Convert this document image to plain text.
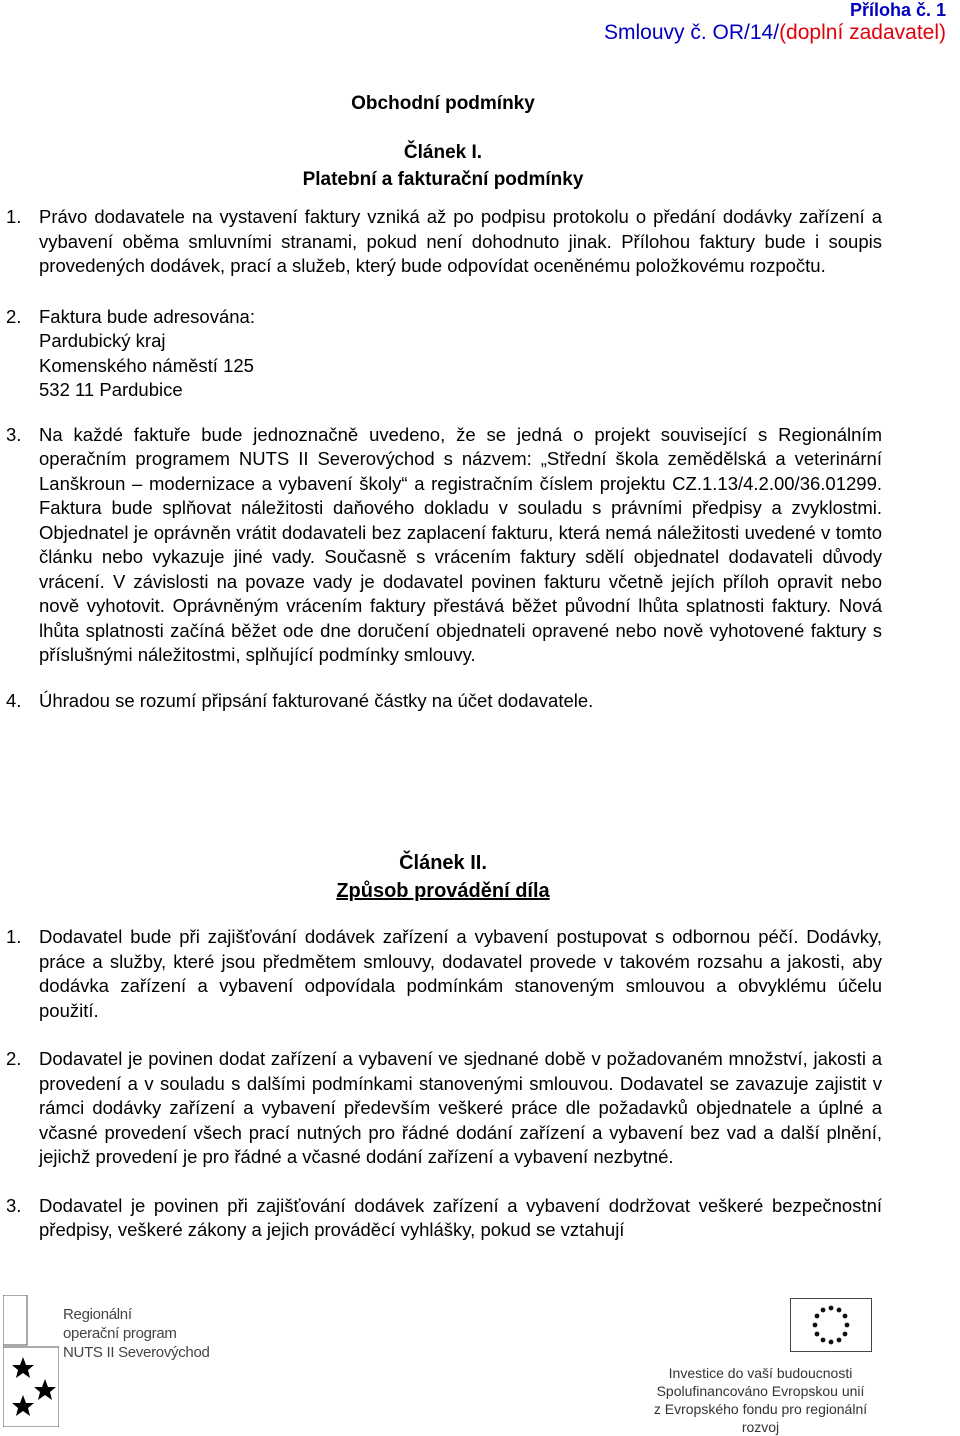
Příloha č. 1
Smlouvy č. OR/14/(doplní zadavatel)
Obchodní podmínky
Článek I.
Platební a fakturační podmínky
1. Právo dodavatele na vystavení faktury vzniká až po podpisu protokolu o předání dodávky zařízení a vybavení oběma smluvními stranami, pokud není dohodnuto jinak. Přílohou faktury bude i soupis provedených dodávek, prací a služeb, který bude odpovídat oceněnému položkovému rozpočtu.

2. Faktura bude adresována:
Pardubický kraj
Komenského náměstí 125
532 11 Pardubice
3. Na každé faktuře bude jednoznačně uvedeno, že se jedná o projekt související s Regionálním operačním programem NUTS II Severovýchod s názvem: „Střední škola zemědělská a veterinární Lanškroun – modernizace a vybavení školy“ a registračním číslem projektu CZ.1.13/4.2.00/36.01299. Faktura bude splňovat náležitosti daňového dokladu v souladu s právními předpisy a zvyklostmi. Objednatel je oprávněn vrátit dodavateli bez zaplacení fakturu, která nemá náležitosti uvedené v tomto článku nebo vykazuje jiné vady. Současně s vrácením faktury sdělí objednatel dodavateli důvody vrácení. V závislosti na povaze vady je dodavatel povinen fakturu včetně jejích příloh opravit nebo nově vyhotovit. Oprávněným vrácením faktury přestává běžet původní lhůta splatnosti faktury. Nová lhůta splatnosti začíná běžet ode dne doručení objednateli opravené nebo nově vyhotovené faktury s příslušnými náležitostmi, splňující podmínky smlouvy.

4. Úhradou se rozumí připsání fakturované částky na účet dodavatele.

Článek II.
Způsob provádění díla
1. Dodavatel bude při zajišťování dodávek zařízení a vybavení postupovat s odbornou péčí. Dodávky, práce a služby, které jsou předmětem smlouvy, dodavatel provede v takovém rozsahu a jakosti, aby dodávka zařízení a vybavení odpovídala podmínkám stanoveným smlouvou a obvyklému účelu použití.

2. Dodavatel je povinen dodat zařízení a vybavení ve sjednané době v požadovaném množství, jakosti a provedení a v souladu s dalšími podmínkami stanovenými smlouvou. Dodavatel se zavazuje zajistit v rámci dodávky zařízení a vybavení především veškeré práce dle požadavků objednatele a úplné a včasné provedení všech prací nutných pro řádné dodání zařízení a vybavení bez vad a další plnění, jejichž provedení je pro řádné a včasné dodání zařízení a vybavení nezbytné.

3. Dodavatel je povinen při zajišťování dodávek zařízení a vybavení dodržovat veškeré bezpečnostní předpisy, veškeré zákony a jejich prováděcí vyhlášky, pokud se vztahují

Regionální
operační program
NUTS II Severovýchod
Investice do vaší budoucnosti
Spolufinancováno Evropskou unií
z Evropského fondu pro regionální rozvoj
